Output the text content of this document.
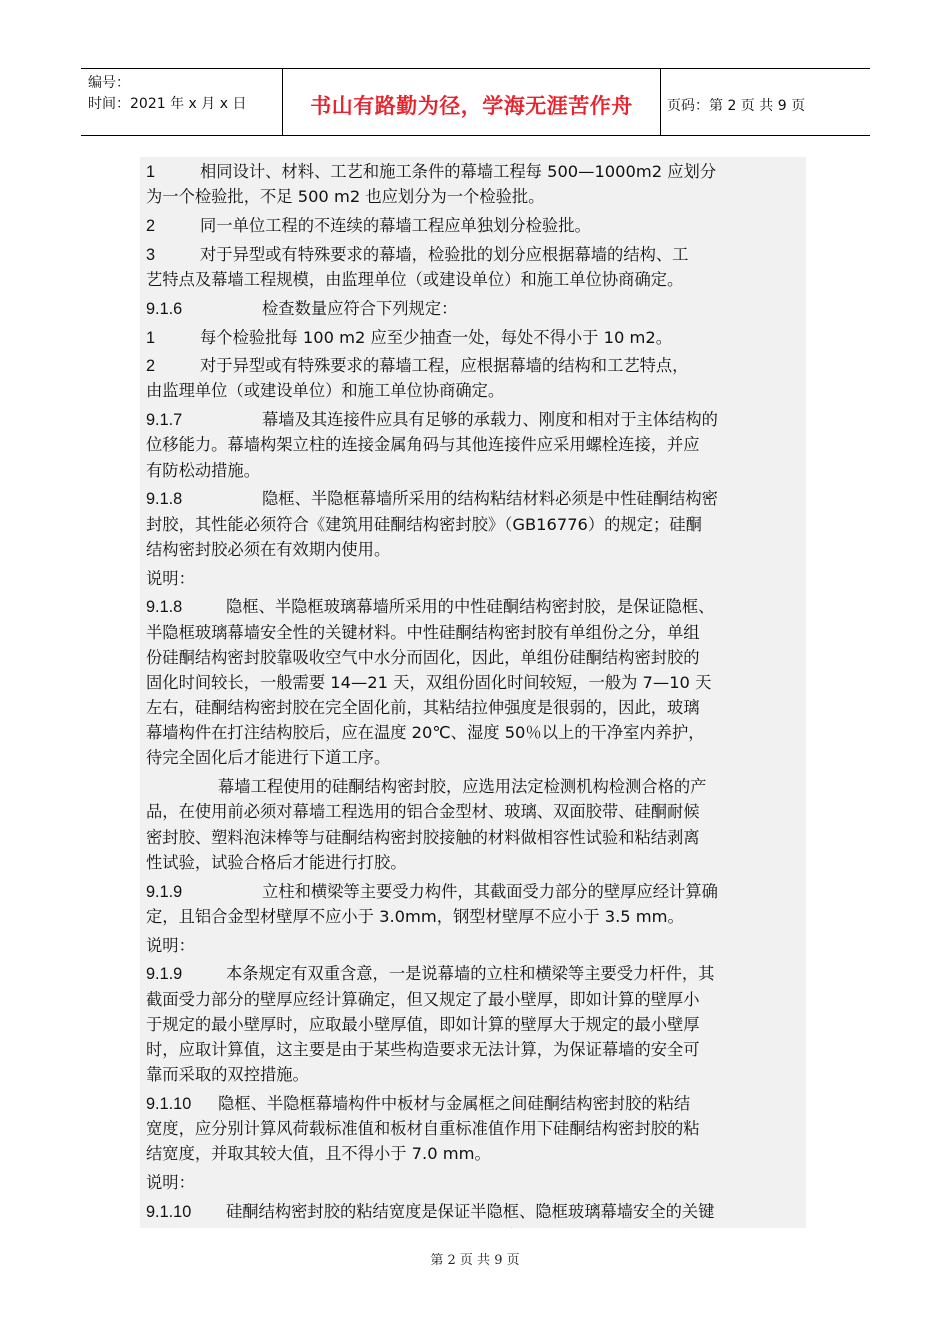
编号：
时间：2021 年 x 月 x 日	书山有路勤为径，学海无涯苦作舟 页码：第 2 页 共 9 页
1	相同设计、材料、工艺和施工条件的幕墙工程每 500—1000m2 应划分
为一个检验批，不足 500 m2 也应划分为一个检验批。
2	同一单位工程的不连续的幕墙工程应单独划分检验批。
3	对于异型或有特殊要求的幕墙，检验批的划分应根据幕墙的结构、工
艺特点及幕墙工程规模，由监理单位（或建设单位）和施工单位协商确定。
9.1.6	检查数量应符合下列规定：
1	每个检验批每 100 m2 应至少抽查一处，每处不得小于 10 m2。
2	对于异型或有特殊要求的幕墙工程，应根据幕墙的结构和工艺特点，
由监理单位（或建设单位）和施工单位协商确定。
9.1.7	幕墙及其连接件应具有足够的承载力、刚度和相对于主体结构的
位移能力。幕墙构架立柱的连接金属角码与其他连接件应采用螺栓连接，并应
有防松动措施。
9.1.8	隐框、半隐框幕墙所采用的结构粘结材料必须是中性硅酮结构密
封胶，其性能必须符合《建筑用硅酮结构密封胶》（GB16776）的规定；硅酮
结构密封胶必须在有效期内使用。
说明：
9.1.8	隐框、半隐框玻璃幕墙所采用的中性硅酮结构密封胶，是保证隐框、
半隐框玻璃幕墙安全性的关键材料。中性硅酮结构密封胶有单组份之分，单组
份硅酮结构密封胶靠吸收空气中水分而固化，因此，单组份硅酮结构密封胶的
固化时间较长，一般需要 14—21 天，双组份固化时间较短，一般为 7—10 天
左右，硅酮结构密封胶在完全固化前，其粘结拉伸强度是很弱的，因此，玻璃
幕墙构件在打注结构胶后，应在温度 20℃、湿度 50％以上的干净室内养护，
待完全固化后才能进行下道工序。
幕墙工程使用的硅酮结构密封胶，应选用法定检测机构检测合格的产
品，在使用前必须对幕墙工程选用的铝合金型材、玻璃、双面胶带、硅酮耐候
密封胶、塑料泡沫棒等与硅酮结构密封胶接触的材料做相容性试验和粘结剥离
性试验，试验合格后才能进行打胶。
9.1.9	立柱和横梁等主要受力构件，其截面受力部分的壁厚应经计算确
定，且铝合金型材壁厚不应小于 3.0mm，钢型材壁厚不应小于 3.5 mm。
说明：
9.1.9	本条规定有双重含意，一是说幕墙的立柱和横梁等主要受力杆件，其
截面受力部分的壁厚应经计算确定，但又规定了最小壁厚，即如计算的壁厚小
于规定的最小壁厚时，应取最小壁厚值，即如计算的壁厚大于规定的最小壁厚
时，应取计算值，这主要是由于某些构造要求无法计算，为保证幕墙的安全可
靠而采取的双控措施。
9.1.10 隐框、半隐框幕墙构件中板材与金属框之间硅酮结构密封胶的粘结
宽度，应分别计算风荷载标准值和板材自重标准值作用下硅酮结构密封胶的粘
结宽度，并取其较大值，且不得小于 7.0 mm。
说明：
9.1.10 硅酮结构密封胶的粘结宽度是保证半隐框、隐框玻璃幕墙安全的关键
第 2 页 共 9 页
